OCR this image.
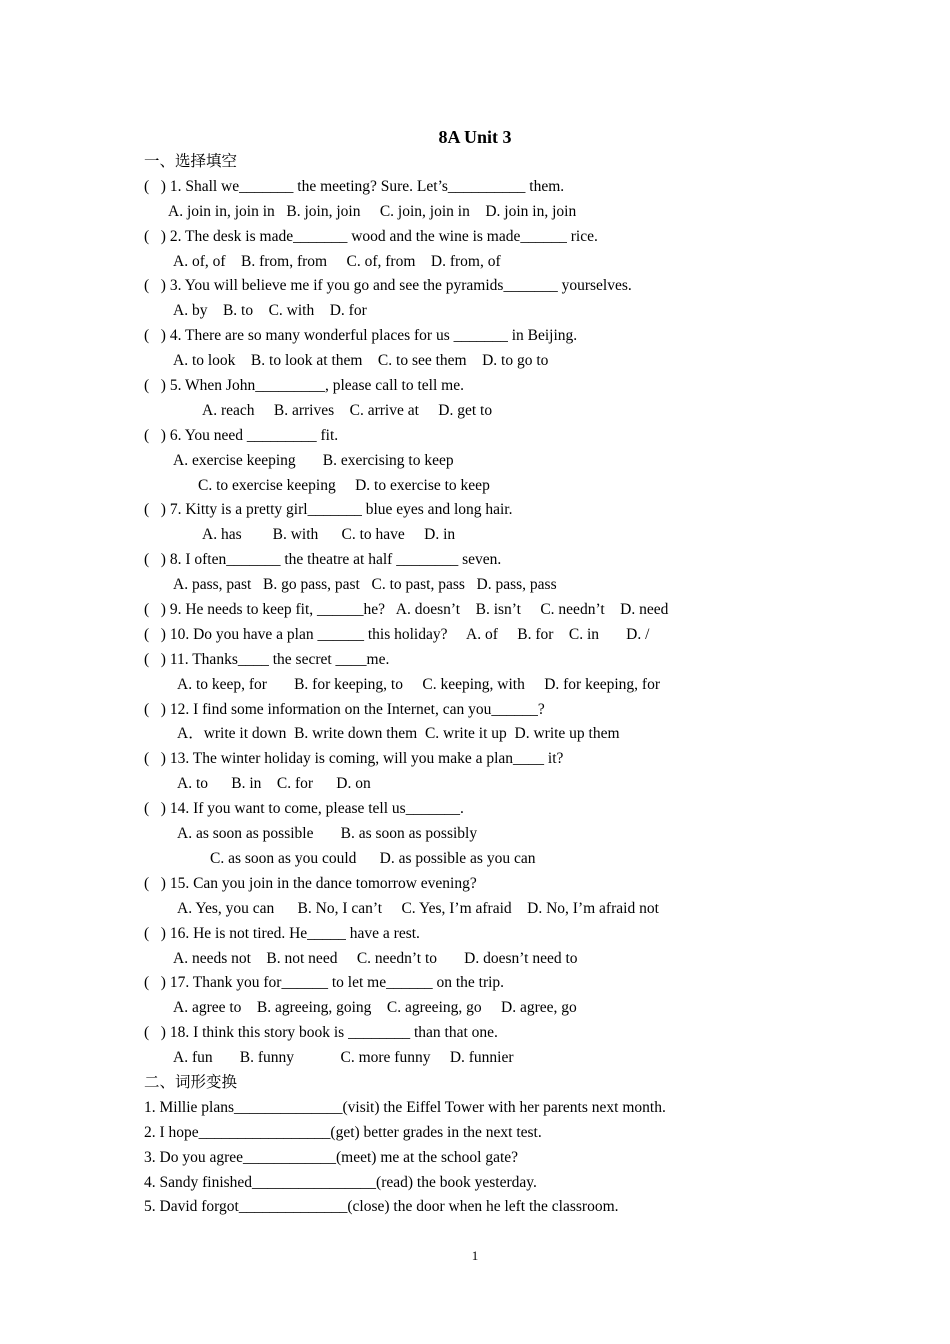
8A Unit 3
一、选择填空
(   ) 1. Shall we_______ the meeting? Sure. Let’s__________ them.
A. join in, join in   B. join, join     C. join, join in    D. join in, join
(   ) 2. The desk is made_______ wood and the wine is made______ rice.
A. of, of    B. from, from     C. of, from    D. from, of
(   ) 3. You will believe me if you go and see the pyramids_______ yourselves.
A. by    B. to    C. with    D. for
(   ) 4. There are so many wonderful places for us _______ in Beijing.
A. to look    B. to look at them    C. to see them    D. to go to
(   ) 5. When John_________, please call to tell me.
A. reach     B. arrives    C. arrive at     D. get to
(   ) 6. You need _________ fit.
A. exercise keeping       B. exercising to keep
C. to exercise keeping     D. to exercise to keep
(   ) 7. Kitty is a pretty girl_______ blue eyes and long hair.
A. has        B. with      C. to have     D. in
(   ) 8. I often_______ the theatre at half ________ seven.
A. pass, past   B. go pass, past   C. to past, pass   D. pass, pass
(   ) 9. He needs to keep fit, ______he?   A. doesn’t    B. isn’t     C. needn’t    D. need
(   ) 10. Do you have a plan ______ this holiday?     A. of     B. for    C. in       D. /
(   ) 11. Thanks____ the secret ____me.
A. to keep, for       B. for keeping, to     C. keeping, with     D. for keeping, for
(   ) 12. I find some information on the Internet, can you______?
A．write it down  B. write down them  C. write it up  D. write up them
(   ) 13. The winter holiday is coming, will you make a plan____ it?
A. to      B. in    C. for      D. on
(   ) 14. If you want to come, please tell us_______.
A. as soon as possible       B. as soon as possibly
C. as soon as you could      D. as possible as you can
(   ) 15. Can you join in the dance tomorrow evening?
A. Yes, you can      B. No, I can’t     C. Yes, I’m afraid    D. No, I’m afraid not
(   ) 16. He is not tired. He_____ have a rest.
A. needs not    B. not need     C. needn’t to       D. doesn’t need to
(   ) 17. Thank you for______ to let me______ on the trip.
A. agree to    B. agreeing, going    C. agreeing, go     D. agree, go
(   ) 18. I think this story book is ________ than that one.
A. fun       B. funny            C. more funny     D. funnier
二、词形变换
1. Millie plans______________(visit) the Eiffel Tower with her parents next month.
2. I hope_________________(get) better grades in the next test.
3. Do you agree____________(meet) me at the school gate?
4. Sandy finished________________(read) the book yesterday.
5. David forgot______________(close) the door when he left the classroom.
1
